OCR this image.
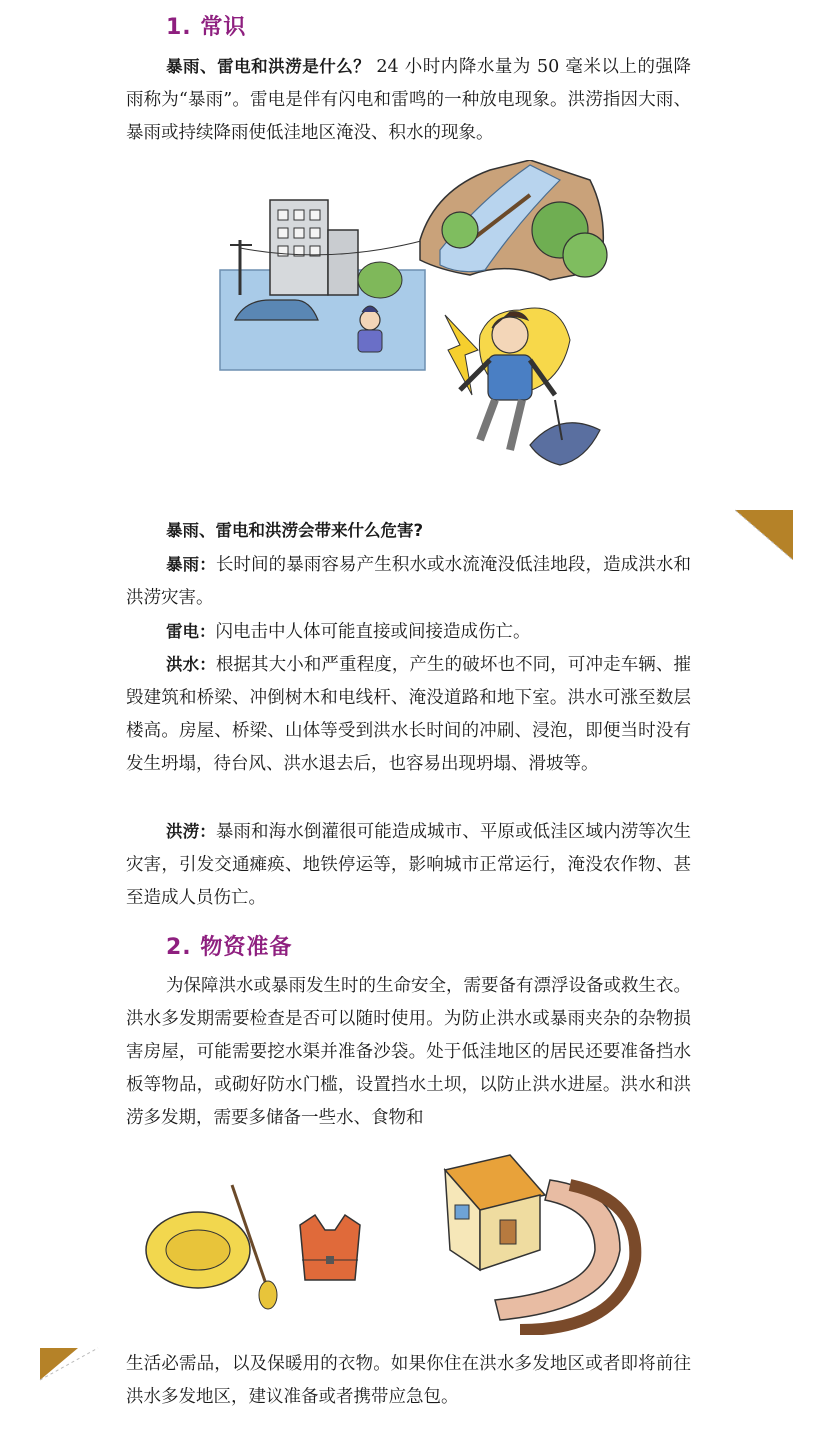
1. 常识

暴雨、雷电和洪涝是什么？ 24 小时内降水量为 50 毫米以上的强降雨称为“暴雨”。雷电是伴有闪电和雷鸣的一种放电现象。洪涝指因大雨、暴雨或持续降雨使低洼地区淹没、积水的现象。

暴雨、雷电和洪涝会带来什么危害?

暴雨：长时间的暴雨容易产生积水或水流淹没低洼地段，造成洪水和洪涝灾害。

雷电：闪电击中人体可能直接或间接造成伤亡。

洪水：根据其大小和严重程度，产生的破坏也不同，可冲走车辆、摧毁建筑和桥梁、冲倒树木和电线杆、淹没道路和地下室。洪水可涨至数层楼高。房屋、桥梁、山体等受到洪水长时间的冲刷、浸泡，即便当时没有发生坍塌，待台风、洪水退去后，也容易出现坍塌、滑坡等。

洪涝：暴雨和海水倒灌很可能造成城市、平原或低洼区域内涝等次生灾害，引发交通瘫痪、地铁停运等，影响城市正常运行，淹没农作物、甚至造成人员伤亡。

2. 物资准备

为保障洪水或暴雨发生时的生命安全，需要备有漂浮设备或救生衣。洪水多发期需要检查是否可以随时使用。为防止洪水或暴雨夹杂的杂物损害房屋，可能需要挖水渠并准备沙袋。处于低洼地区的居民还要准备挡水板等物品，或砌好防水门槛，设置挡水土坝，以防止洪水进屋。洪水和洪涝多发期，需要多储备一些水、食物和

生活必需品，以及保暖用的衣物。如果你住在洪水多发地区或者即将前往洪水多发地区，建议准备或者携带应急包。
